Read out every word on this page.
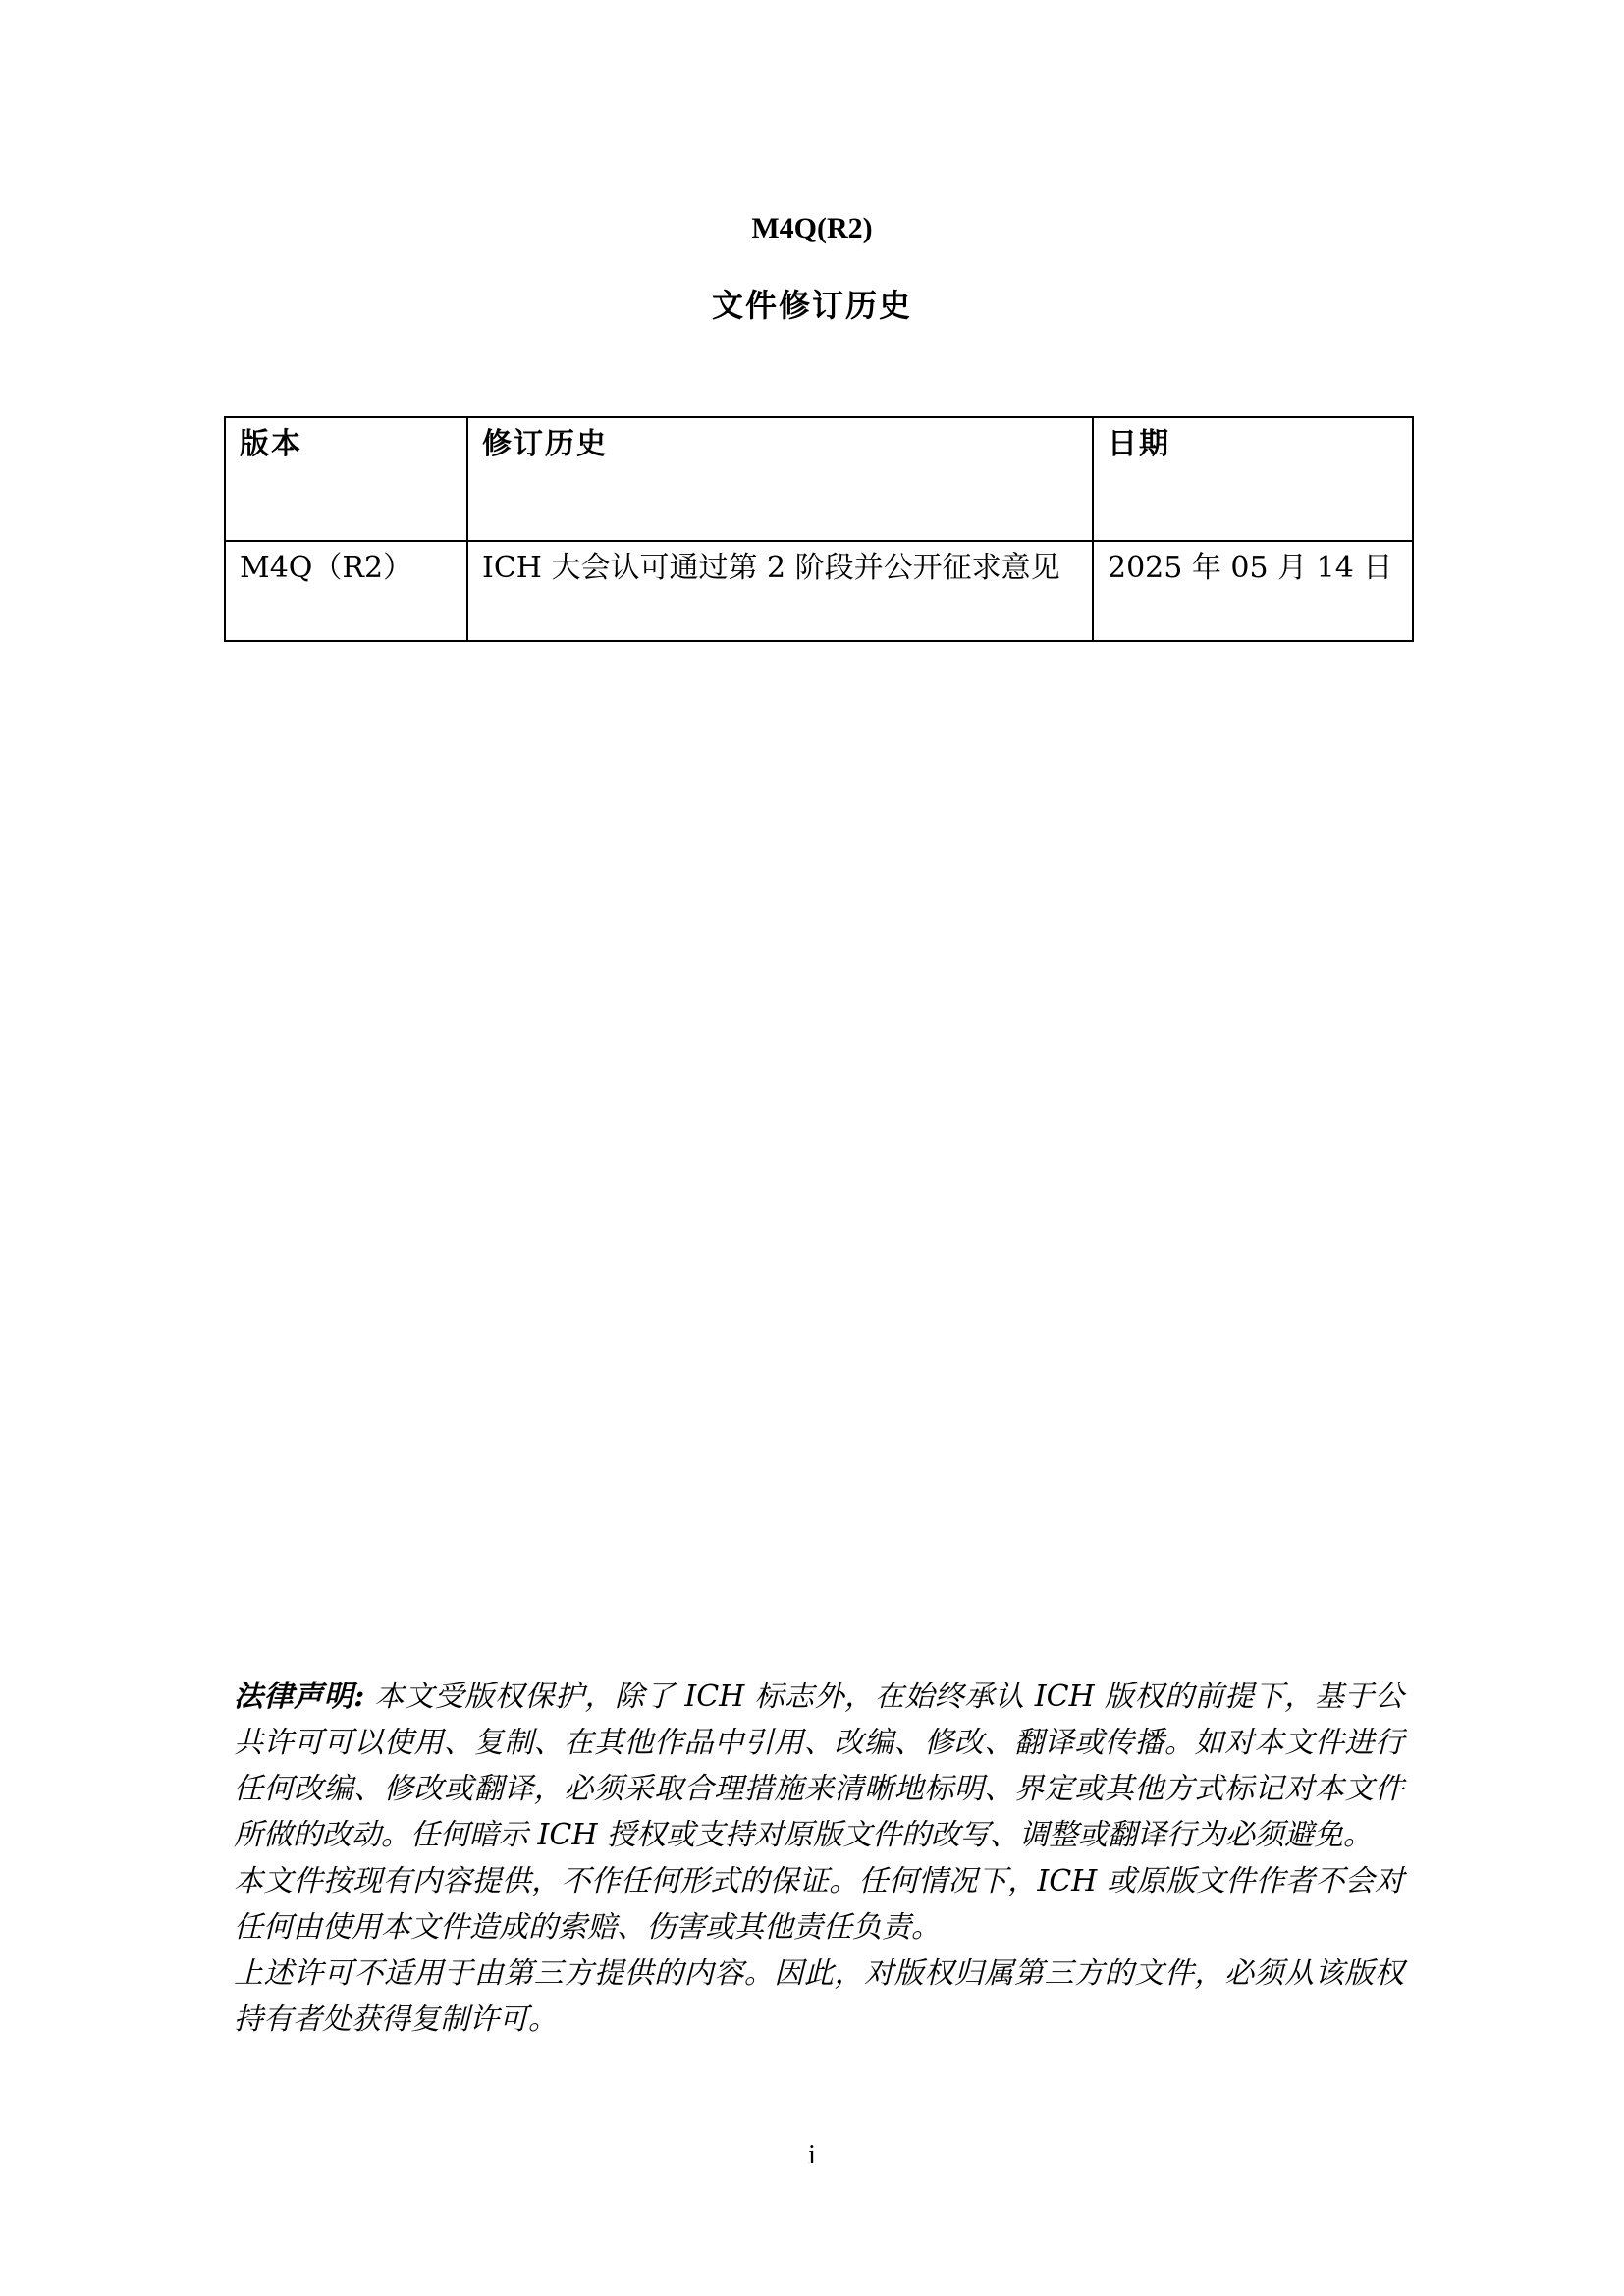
M4Q(R2)
文件修订历史
版本	修订历史	日期
M4Q（R2）	ICH 大会认可通过第 2 阶段并公开征求意见	2025 年 05 月 14 日

法律声明: 本文受版权保护，除了 ICH 标志外，在始终承认 ICH 版权的前提下，基于公共许可可以使用、复制、在其他作品中引用、改编、修改、翻译或传播。如对本文件进行任何改编、修改或翻译，必须采取合理措施来清晰地标明、界定或其他方式标记对本文件所做的改动。任何暗示 ICH 授权或支持对原版文件的改写、调整或翻译行为必须避免。

本文件按现有内容提供，不作任何形式的保证。任何情况下，ICH 或原版文件作者不会对任何由使用本文件造成的索赔、伤害或其他责任负责。

上述许可不适用于由第三方提供的内容。因此，对版权归属第三方的文件，必须从该版权持有者处获得复制许可。

i
